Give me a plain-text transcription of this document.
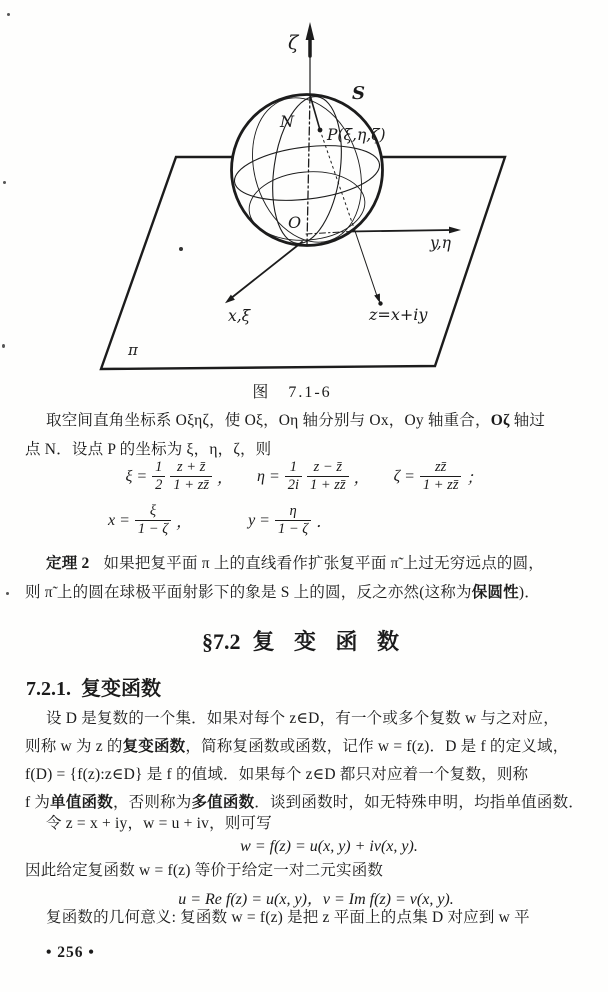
ζ
S
N
P(ξ,η,ζ)
O
y,η
x,ξ	z=x+iy
π
图　7.1-6
取空间直角坐标系 Oξηζ，使 Oξ，Oη 轴分别与 Ox，Oy 轴重合，Oζ 轴过
点 N．设点 P 的坐标为 ξ，η，ζ，则
$\xi = \frac{1}{2} \frac{z + z̄}{1 + zz̄}$ ， $\eta = \frac{1}{2i} \frac{z - z̄}{1 + zz̄}$ ， $\zeta = \frac{zz̄}{1 + zz̄}$ ；
$x = \frac{\xi}{1 - \zeta}$ ，	$y = \frac{\eta}{1 - \zeta}$ ．
定理 2 如果把复平面 π 上的直线看作扩张复平面 π̃ 上过无穷远点的圆，
则 π̃ 上的圆在球极平面射影下的象是 S 上的圆，反之亦然(这称为保圆性)．
§7.2 复 变 函 数
7.2.1. 复变函数
设 D 是复数的一个集．如果对每个 z∈D，有一个或多个复数 w 与之对应，
则称 w 为 z 的复变函数，简称复函数或函数，记作 w = f(z)．D 是 f 的定义域，
f(D) = {f(z):z∈D} 是 f 的值域．如果每个 z∈D 都只对应着一个复数，则称
f 为单值函数，否则称为多值函数．谈到函数时，如无特殊申明，均指单值函数．
令 z = x + iy，w = u + iv，则可写
w = f(z) = u(x, y) + iv(x, y).
因此给定复函数 w = f(z) 等价于给定一对二元实函数
u = Re f(z) = u(x, y)，v = Im f(z) = v(x, y).
复函数的几何意义: 复函数 w = f(z) 是把 z 平面上的点集 D 对应到 w 平
• 256 •
